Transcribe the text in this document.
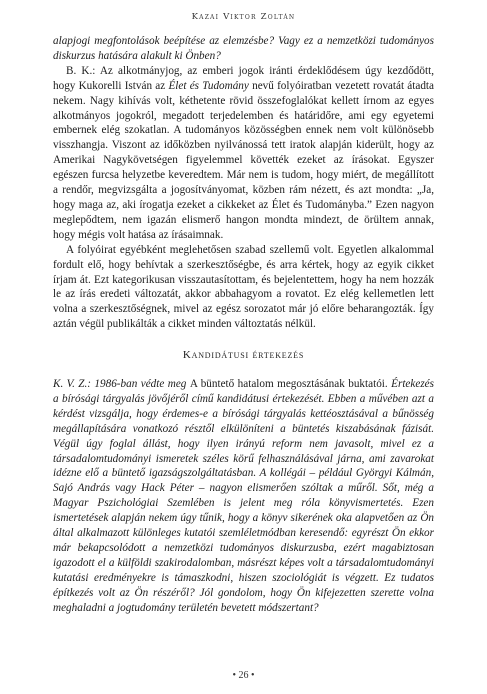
Kazai Viktor Zoltán

alapjogi megfontolások beépítése az elemzésbe? Vagy ez a nemzetközi tudományos diskurzus hatására alakult ki Önben?

B. K.: Az alkotmányjog, az emberi jogok iránti érdeklődésem úgy kezdődött, hogy Kukorelli István az Élet és Tudomány nevű folyóiratban vezetett rovatát átadta nekem. Nagy kihívás volt, kéthetente rövid összefoglalókat kellett írnom az egyes alkotmányos jogokról, megadott terjedelemben és határidőre, ami egy egyetemi embernek elég szokatlan. A tudományos közösségben ennek nem volt különösebb visszhangja. Viszont az időközben nyilvánossá tett iratok alapján kiderült, hogy az Amerikai Nagykövetségen figyelemmel követték ezeket az írásokat. Egyszer egészen furcsa helyzetbe keveredtem. Már nem is tudom, hogy miért, de megállított a rendőr, megvizsgálta a jogosítványomat, közben rám nézett, és azt mondta: „Ja, hogy maga az, aki írogatja ezeket a cikkeket az Élet és Tudományba.” Ezen nagyon meglepődtem, nem igazán elismerő hangon mondta mindezt, de örültem annak, hogy mégis volt hatása az írásaimnak.

A folyóirat egyébként meglehetősen szabad szellemű volt. Egyetlen alkalommal fordult elő, hogy behívtak a szerkesztőségbe, és arra kértek, hogy az egyik cikket írjam át. Ezt kategorikusan visszautasítottam, és bejelentettem, hogy ha nem hozzák le az írás eredeti változatát, akkor abbahagyom a rovatot. Ez elég kellemetlen lett volna a szerkesztőségnek, mivel az egész sorozatot már jó előre beharangozták. Így aztán végül publikálták a cikket minden változtatás nélkül.

Kandidátusi értekezés

K. V. Z.: 1986-ban védte meg A büntető hatalom megosztásának buktatói. Értekezés a bírósági tárgyalás jövőjéről című kandidátusi értekezését. Ebben a művében azt a kérdést vizsgálja, hogy érdemes-e a bírósági tárgyalás kettéosztásával a bűnösség megállapítására vonatkozó résztől elkülöníteni a büntetés kiszabásának fázisát. Végül úgy foglal állást, hogy ilyen irányú reform nem javasolt, mivel ez a társadalomtudományi ismeretek széles körű felhasználásával járna, ami zavarokat idézne elő a büntető igazságszolgáltatásban. A kollégái – például Györgyi Kálmán, Sajó András vagy Hack Péter – nagyon elismerően szóltak a műről. Sőt, még a Magyar Pszichológiai Szemlében is jelent meg róla könyvismertetés. Ezen ismertetések alapján nekem úgy tűnik, hogy a könyv sikerének oka alapvetően az Ön által alkalmazott különleges kutatói szemléletmódban keresendő: egyrészt Ön ekkor már bekapcsolódott a nemzetközi tudományos diskurzusba, ezért magabiztosan igazodott el a külföldi szakirodalomban, másrészt képes volt a társadalomtudományi kutatási eredményekre is támaszkodni, hiszen szociológiát is végzett. Ez tudatos építkezés volt az Ön részéről? Jól gondolom, hogy Ön kifejezetten szerette volna meghaladni a jogtudomány területén bevetett módszertant?

• 26 •
